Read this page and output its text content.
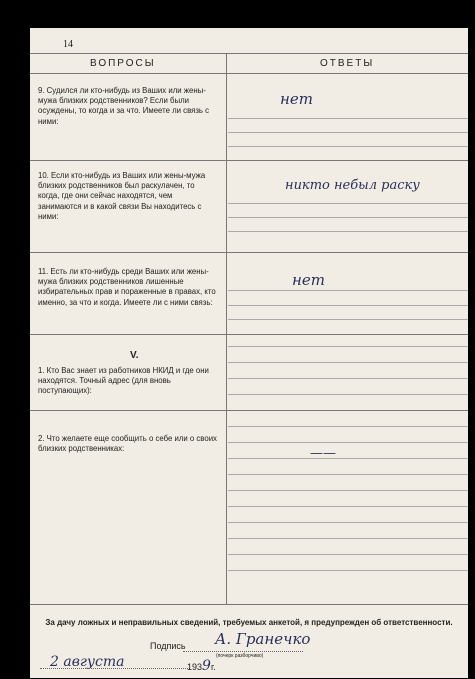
14
ВОПРОСЫ	ОТВЕТЫ
9. Судился ли кто-нибудь из Ваших или жены-мужа близких родственников? Если были осуждены, то когда и за что. Имеете ли связь с ними:
нет
10. Если кто-нибудь из Ваших или жены-мужа близких родственников был раскулачен, то когда, где они сейчас находятся, чем занимаются и в какой связи Вы находитесь с ними:
никто небыл раску
11. Есть ли кто-нибудь среди Ваших или жены-мужа близких родственников лишенные избирательных прав и пораженные в правах, кто именно, за что и когда. Имеете ли с ними связь:
нет
V.
1. Кто Вас знает из работников НКИД и где они находятся. Точный адрес (для вновь поступающих):
2. Что желаете еще сообщить о себе или о своих близких родственниках:	——
За дачу ложных и неправильных сведений, требуемых анкетой, я предупрежден об ответственности.
Подпись А. Гранечко
(почерк разборчиво)
2 августа	1939г.
